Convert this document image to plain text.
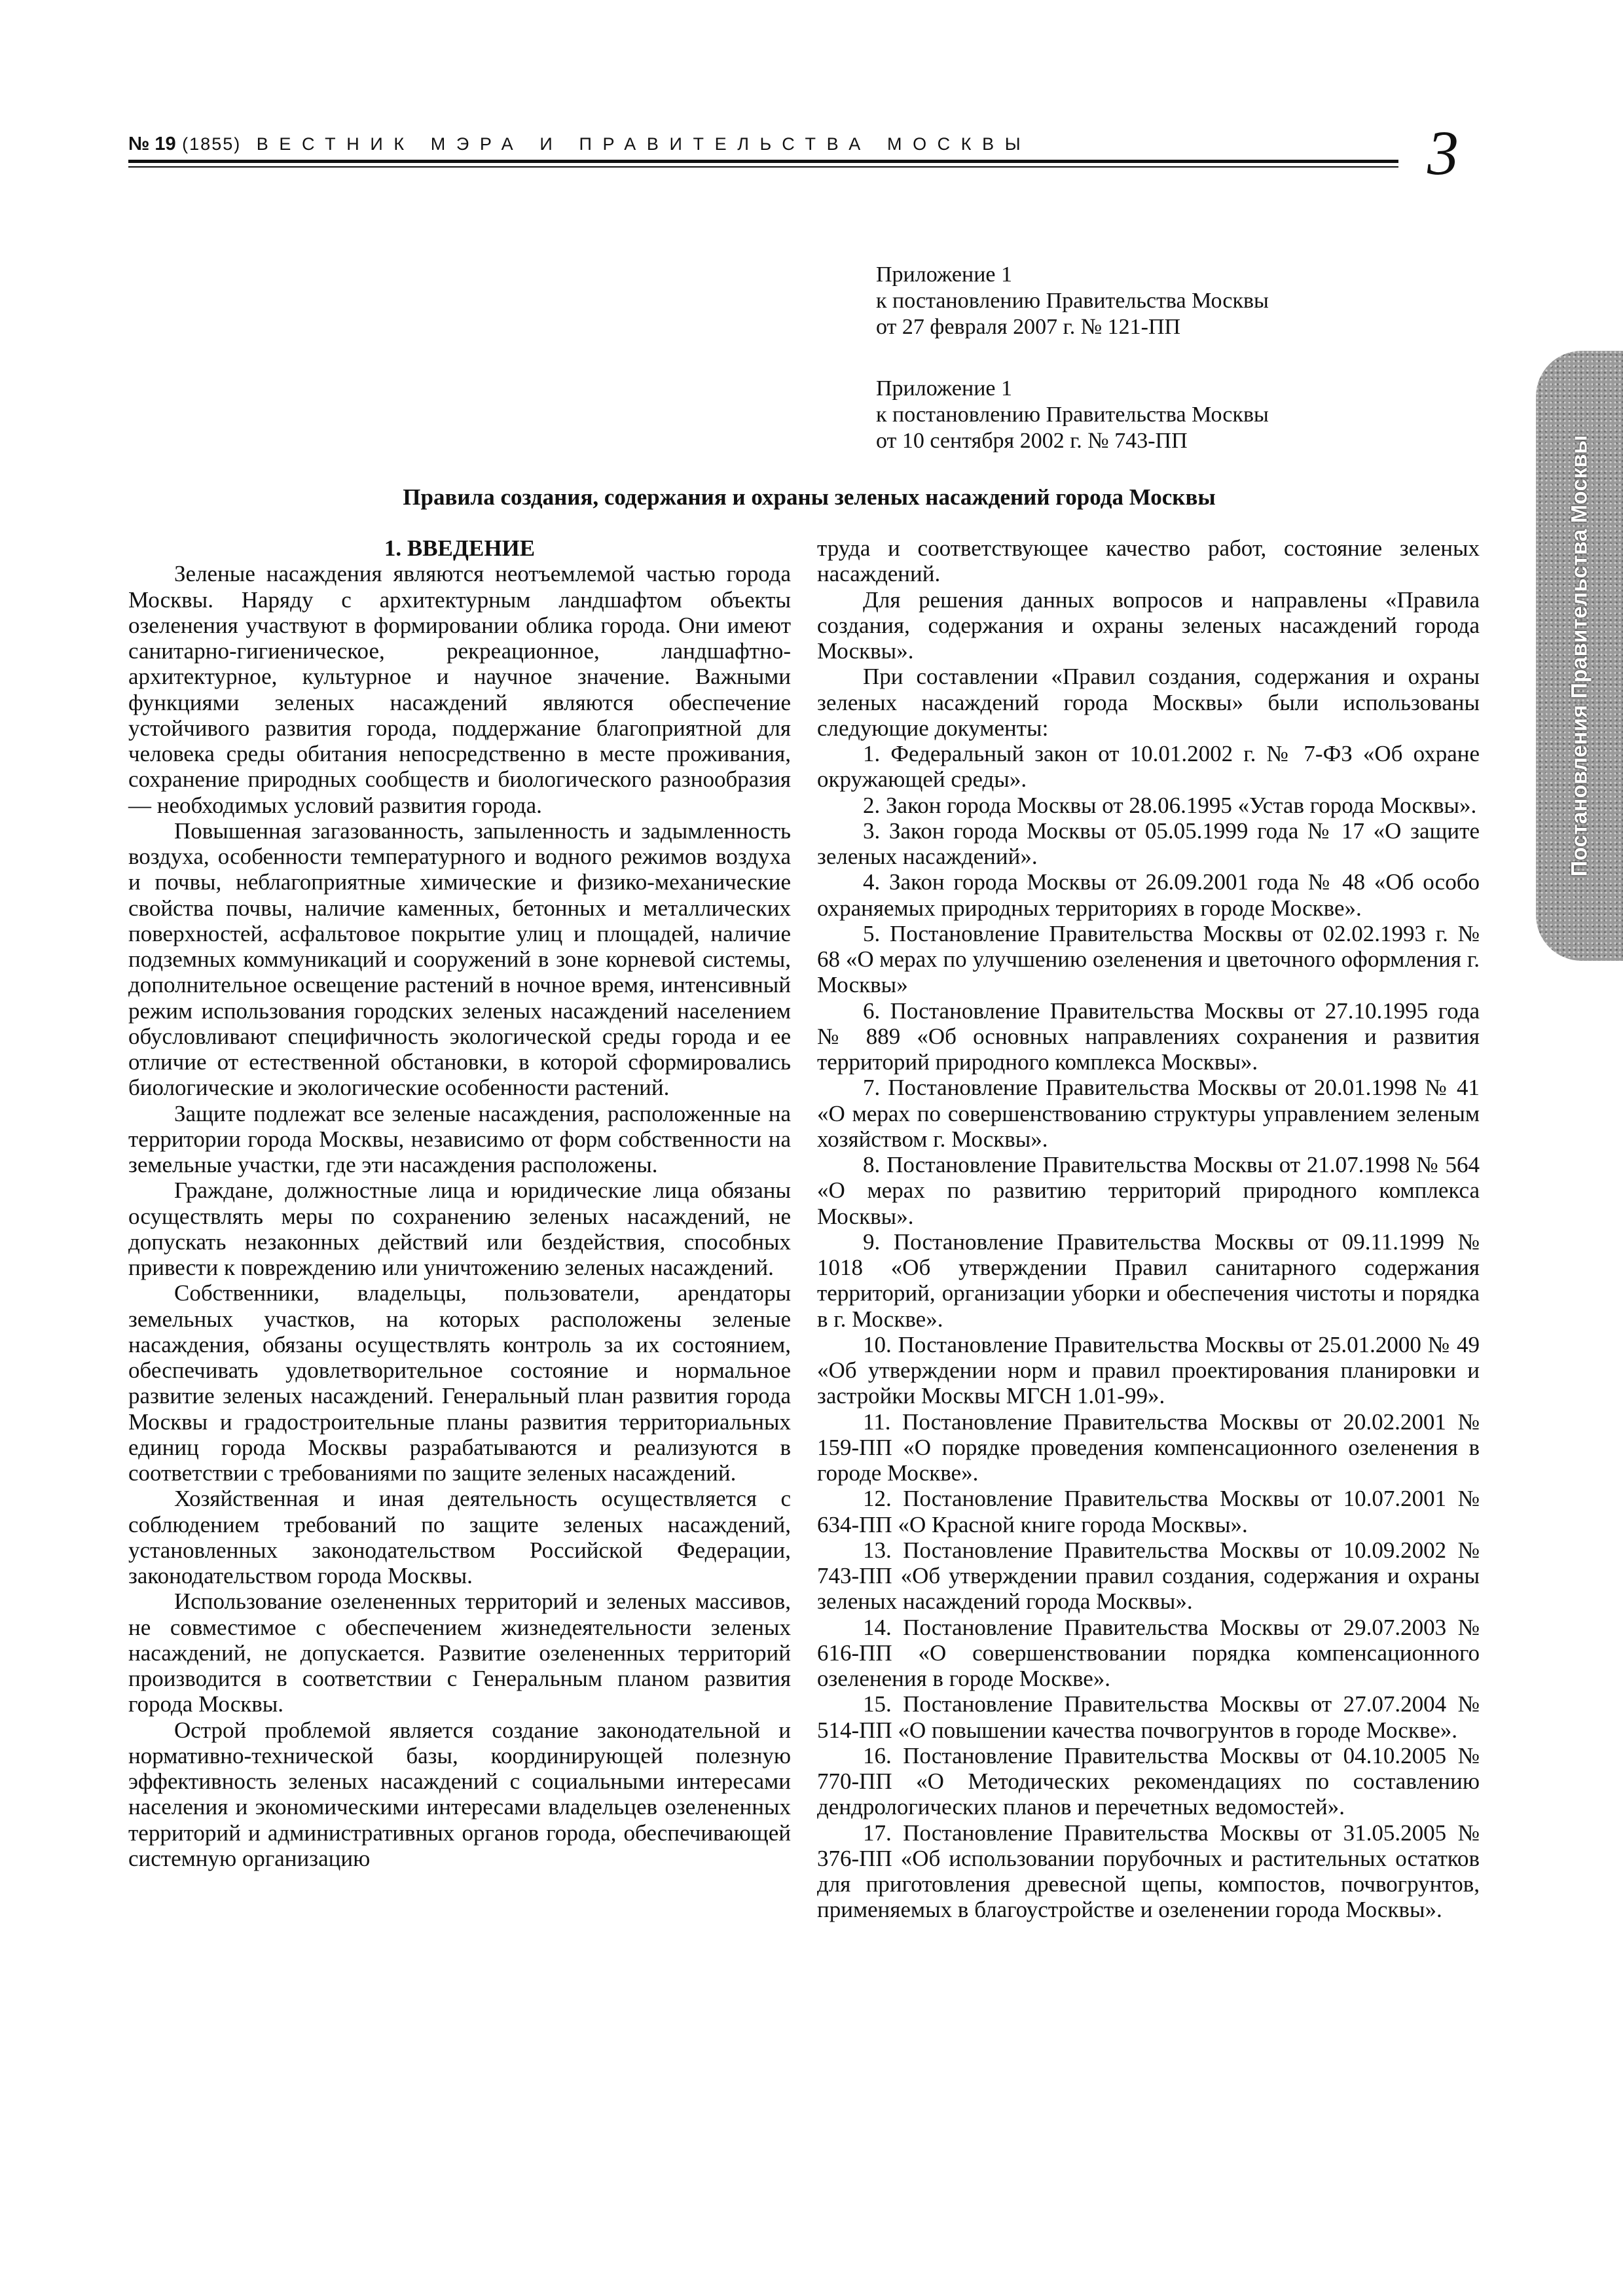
№ 19 (1855) ВЕСТНИК МЭРА И ПРАВИТЕЛЬСТВА МОСКВЫ	3
Приложение 1
к постановлению Правительства Москвы
от 27 февраля 2007 г. № 121-ПП
Приложение 1
к постановлению Правительства Москвы
от 10 сентября 2002 г. № 743-ПП	Постановления Правительства Москвы
Правила создания, содержания и охраны зеленых насаждений города Москвы
1. ВВЕДЕНИЕ

Зеленые насаждения являются неотъемлемой частью города Москвы. Наряду с архитектурным ландшафтом объекты озеленения участвуют в формировании облика города. Они имеют санитарно-гигиеническое, рекреационное, ландшафтно-архитектурное, культурное и научное значение. Важными функциями зеленых насаждений являются обеспечение устойчивого развития города, поддержание благоприятной для человека среды обитания непосредственно в месте проживания, сохранение природных сообществ и биологического разнообразия — необходимых условий развития города.

Повышенная загазованность, запыленность и задымленность воздуха, особенности температурного и водного режимов воздуха и почвы, неблагоприятные химические и физико-механические свойства почвы, наличие каменных, бетонных и металлических поверхностей, асфальтовое покрытие улиц и площадей, наличие подземных коммуникаций и сооружений в зоне корневой системы, дополнительное освещение растений в ночное время, интенсивный режим использования городских зеленых насаждений населением обусловливают специфичность экологической среды города и ее отличие от естественной обстановки, в которой сформировались биологические и экологические особенности растений.

Защите подлежат все зеленые насаждения, расположенные на территории города Москвы, независимо от форм собственности на земельные участки, где эти насаждения расположены.

Граждане, должностные лица и юридические лица обязаны осуществлять меры по сохранению зеленых насаждений, не допускать незаконных действий или бездействия, способных привести к повреждению или уничтожению зеленых насаждений.

Собственники, владельцы, пользователи, арендаторы земельных участков, на которых расположены зеленые насаждения, обязаны осуществлять контроль за их состоянием, обеспечивать удовлетворительное состояние и нормальное развитие зеленых насаждений. Генеральный план развития города Москвы и градостроительные планы развития территориальных единиц города Москвы разрабатываются и реализуются в соответствии с требованиями по защите зеленых насаждений.

Хозяйственная и иная деятельность осуществляется с соблюдением требований по защите зеленых насаждений, установленных законодательством Российской Федерации, законодательством города Москвы.

Использование озелененных территорий и зеленых массивов, не совместимое с обеспечением жизнедеятельности зеленых насаждений, не допускается. Развитие озелененных территорий производится в соответствии с Генеральным планом развития города Москвы.

Острой проблемой является создание законодательной и нормативно-технической базы, координирующей полезную эффективность зеленых насаждений с социальными интересами населения и экономическими интересами владельцев озелененных территорий и административных органов города, обеспечивающей системную организацию

труда и соответствующее качество работ, состояние зеленых насаждений.

Для решения данных вопросов и направлены «Правила создания, содержания и охраны зеленых насаждений города Москвы».

При составлении «Правил создания, содержания и охраны зеленых насаждений города Москвы» были использованы следующие документы:

1. Федеральный закон от 10.01.2002 г. № 7-ФЗ «Об охране окружающей среды».

2. Закон города Москвы от 28.06.1995 «Устав города Москвы».

3. Закон города Москвы от 05.05.1999 года № 17 «О защите зеленых насаждений».

4. Закон города Москвы от 26.09.2001 года № 48 «Об особо охраняемых природных территориях в городе Москве».

5. Постановление Правительства Москвы от 02.02.1993 г. № 68 «О мерах по улучшению озеленения и цветочного оформления г. Москвы»

6. Постановление Правительства Москвы от 27.10.1995 года № 889 «Об основных направлениях сохранения и развития территорий природного комплекса Москвы».

7. Постановление Правительства Москвы от 20.01.1998 № 41 «О мерах по совершенствованию структуры управлением зеленым хозяйством г. Москвы».

8. Постановление Правительства Москвы от 21.07.1998 № 564 «О мерах по развитию территорий природного комплекса Москвы».

9. Постановление Правительства Москвы от 09.11.1999 № 1018 «Об утверждении Правил санитарного содержания территорий, организации уборки и обеспечения чистоты и порядка в г. Москве».

10. Постановление Правительства Москвы от 25.01.2000 № 49 «Об утверждении норм и правил проектирования планировки и застройки Москвы МГСН 1.01-99».

11. Постановление Правительства Москвы от 20.02.2001 № 159-ПП «О порядке проведения компенсационного озеленения в городе Москве».

12. Постановление Правительства Москвы от 10.07.2001 № 634-ПП «О Красной книге города Москвы».

13. Постановление Правительства Москвы от 10.09.2002 № 743-ПП «Об утверждении правил создания, содержания и охраны зеленых насаждений города Москвы».

14. Постановление Правительства Москвы от 29.07.2003 № 616-ПП «О совершенствовании порядка компенсационного озеленения в городе Москве».

15. Постановление Правительства Москвы от 27.07.2004 № 514-ПП «О повышении качества почвогрунтов в городе Москве».

16. Постановление Правительства Москвы от 04.10.2005 № 770-ПП «О Методических рекомендациях по составлению дендрологических планов и перечетных ведомостей».

17. Постановление Правительства Москвы от 31.05.2005 № 376-ПП «Об использовании порубочных и растительных остатков для приготовления древесной щепы, компостов, почвогрунтов, применяемых в благоустройстве и озеленении города Москвы».
